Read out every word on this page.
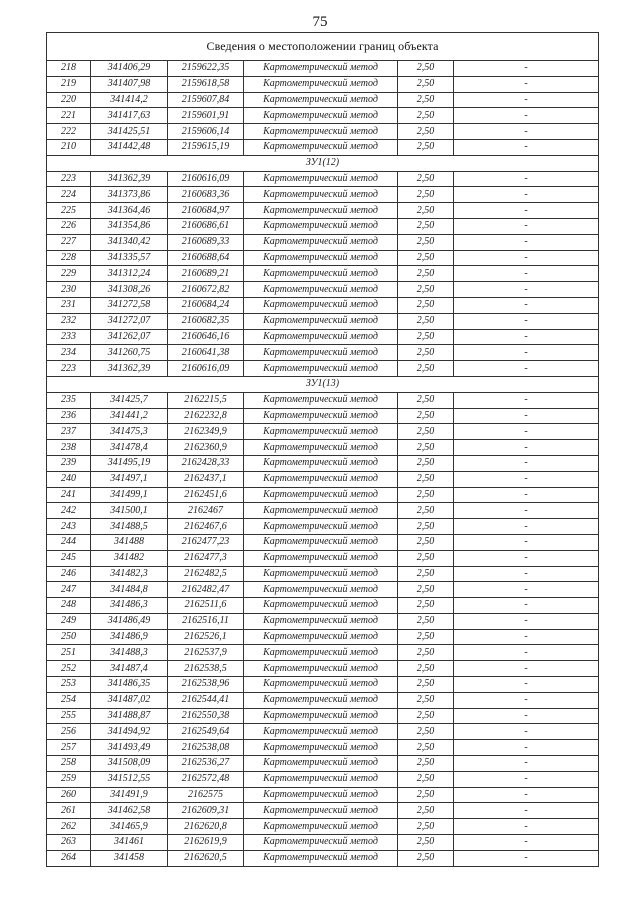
75
Сведения о местоположении границ объекта					
218	341406,29	2159622,35	Картометрический метод	2,50	-
219	341407,98	2159618,58	Картометрический метод	2,50	-
220	341414,2	2159607,84	Картометрический метод	2,50	-
221	341417,63	2159601,91	Картометрический метод	2,50	-
222	341425,51	2159606,14	Картометрический метод	2,50	-
210	341442,48	2159615,19	Картометрический метод	2,50	-
ЗУ1(12)					
223	341362,39	2160616,09	Картометрический метод	2,50	-
224	341373,86	2160683,36	Картометрический метод	2,50	-
225	341364,46	2160684,97	Картометрический метод	2,50	-
226	341354,86	2160686,61	Картометрический метод	2,50	-
227	341340,42	2160689,33	Картометрический метод	2,50	-
228	341335,57	2160688,64	Картометрический метод	2,50	-
229	341312,24	2160689,21	Картометрический метод	2,50	-
230	341308,26	2160672,82	Картометрический метод	2,50	-
231	341272,58	2160684,24	Картометрический метод	2,50	-
232	341272,07	2160682,35	Картометрический метод	2,50	-
233	341262,07	2160646,16	Картометрический метод	2,50	-
234	341260,75	2160641,38	Картометрический метод	2,50	-
223	341362,39	2160616,09	Картометрический метод	2,50	-
ЗУ1(13)					
235	341425,7	2162215,5	Картометрический метод	2,50	-
236	341441,2	2162232,8	Картометрический метод	2,50	-
237	341475,3	2162349,9	Картометрический метод	2,50	-
238	341478,4	2162360,9	Картометрический метод	2,50	-
239	341495,19	2162428,33	Картометрический метод	2,50	-
240	341497,1	2162437,1	Картометрический метод	2,50	-
241	341499,1	2162451,6	Картометрический метод	2,50	-
242	341500,1	2162467	Картометрический метод	2,50	-
243	341488,5	2162467,6	Картометрический метод	2,50	-
244	341488	2162477,23	Картометрический метод	2,50	-
245	341482	2162477,3	Картометрический метод	2,50	-
246	341482,3	2162482,5	Картометрический метод	2,50	-
247	341484,8	2162482,47	Картометрический метод	2,50	-
248	341486,3	2162511,6	Картометрический метод	2,50	-
249	341486,49	2162516,11	Картометрический метод	2,50	-
250	341486,9	2162526,1	Картометрический метод	2,50	-
251	341488,3	2162537,9	Картометрический метод	2,50	-
252	341487,4	2162538,5	Картометрический метод	2,50	-
253	341486,35	2162538,96	Картометрический метод	2,50	-
254	341487,02	2162544,41	Картометрический метод	2,50	-
255	341488,87	2162550,38	Картометрический метод	2,50	-
256	341494,92	2162549,64	Картометрический метод	2,50	-
257	341493,49	2162538,08	Картометрический метод	2,50	-
258	341508,09	2162536,27	Картометрический метод	2,50	-
259	341512,55	2162572,48	Картометрический метод	2,50	-
260	341491,9	2162575	Картометрический метод	2,50	-
261	341462,58	2162609,31	Картометрический метод	2,50	-
262	341465,9	2162620,8	Картометрический метод	2,50	-
263	341461	2162619,9	Картометрический метод	2,50	-
264	341458	2162620,5	Картометрический метод	2,50	-
